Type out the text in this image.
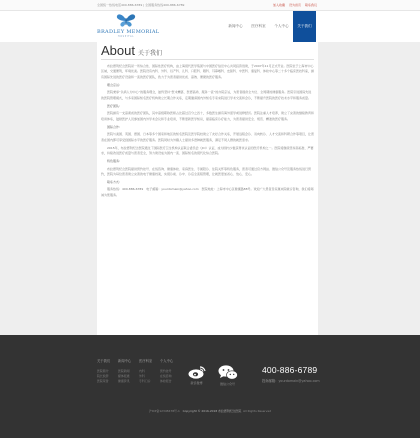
全国统一热线电话400-886-6789 | 全国服务热线400-886-6789	加入收藏 设为首页 联系我们
BRADLEY MEMORIAL
HOSPITAL
新闻中心	医疗科室	个人中心	关于我们
About 关于我们

布拉德利纪念医院是一所综合性、国际性医疗机构，由上海现代医学集团与中国医疗信息中心共同投资创建，于2007年11月正式开业。医院位于上海市中心区域，交通便利，环境优美。医院设有内科、外科、妇产科、儿科、口腔科、眼科、耳鼻喉科、皮肤科、中医科、康复科、体检中心等二十多个临床医技科室，拥有国际先进的医疗设备和一流的医疗团队，致力于为患者提供优质、高效、便捷的医疗服务。

理念宗旨：

医院秉承“以病人为中心”的服务理念，始终坚持“医术精湛、医德高尚、服务一流”的办院宗旨，为患者提供全方位、全周期的健康服务。医院引进国际先进的医院管理模式，与多家国际知名医疗机构建立长期合作关系，定期邀请国内外知名专家来院进行学术交流和会诊，不断提升医院的医疗技术水平和服务质量。

医疗团队：

医院拥有一支高素质的医疗团队，其中高级职称医师占比超过百分之四十，多数医生拥有海外留学或进修经历。医院注重人才培养，建立了完善的继续教育和培训体系，鼓励医护人员参加国内外学术会议和专业培训，不断更新医学知识，提高临床诊疗能力，为患者提供安全、规范、精准的医疗服务。

国际合作：

医院与美国、英国、德国、日本等多个国家和地区的知名医院及医学院校建立了友好合作关系，开展远程会诊、双向转诊、人才交流和科研合作等项目，让患者在国内即可享受到国际水平的医疗服务。医院同时为外籍人士提供多语种就医服务，满足不同人群的就医需求。

2015年，布拉德利纪念医院通过了国际医疗卫生机构认证联合委员会（JCI）认证，成为国内少数获得该认证的医疗机构之一。医院将继续坚持高标准、严要求，持续改进医疗质量与患者安全，努力建设成为国内一流、国际知名的现代化综合医院。

特色服务：

布拉德利纪念医院提供预约挂号、在线咨询、健康体检、家庭医生、专属陪诊、住院关怀等特色服务，患者可通过官方网站、微信公众号及服务热线进行预约，医院为每位患者建立完善的电子健康档案，实现诊前、诊中、诊后全流程管理，让就医更加省心、放心、安心。

联系方式：

服务热线：400-886-6789　电子邮箱：yourdomain@yahoo.com　医院地址：上海市中心区健康路88号。欢迎广大患者及家属来院就诊咨询，我们将竭诚为您服务。

关于我们
医院简介
院长致辞
医院荣誉
新闻中心
医院新闻
媒体报道
健康资讯
医疗科室
内科
外科
专科门诊
个人中心
预约挂号
在线咨询
体检报告	新浪微博	微信公众号
400-886-6789
投诉邮箱：yourdomain@yahoo.com
沪ICP备12345678号-1 Copyright © 2016-2018 布拉德利纪念医院 All Rights Reserved
